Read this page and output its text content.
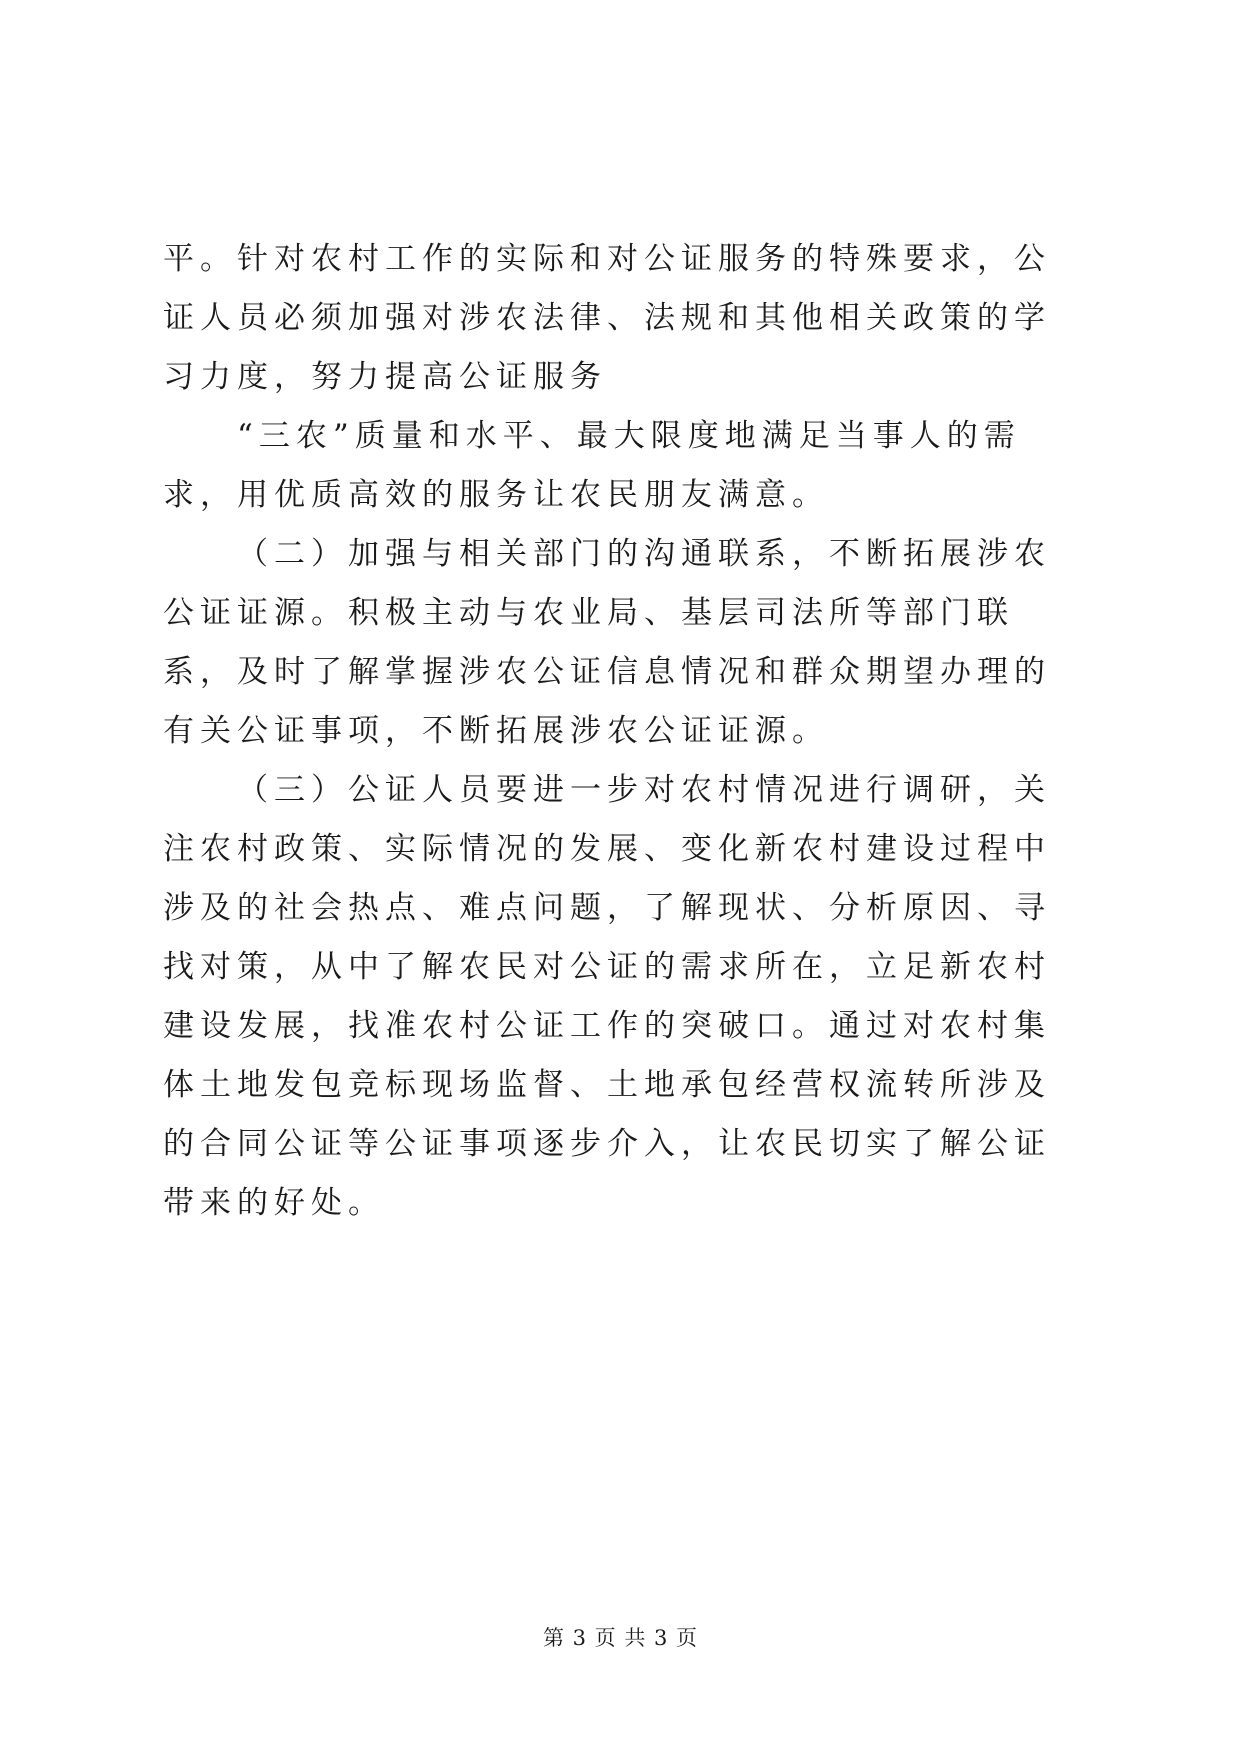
平。针对农村工作的实际和对公证服务的特殊要求，公证人员必须加强对涉农法律、法规和其他相关政策的学习力度，努力提高公证服务

“三农”质量和水平、最大限度地满足当事人的需求，用优质高效的服务让农民朋友满意。

（二）加强与相关部门的沟通联系，不断拓展涉农公证证源。积极主动与农业局、基层司法所等部门联系，及时了解掌握涉农公证信息情况和群众期望办理的有关公证事项，不断拓展涉农公证证源。

（三）公证人员要进一步对农村情况进行调研，关注农村政策、实际情况的发展、变化新农村建设过程中涉及的社会热点、难点问题，了解现状、分析原因、寻找对策，从中了解农民对公证的需求所在，立足新农村建设发展，找准农村公证工作的突破口。通过对农村集体土地发包竞标现场监督、土地承包经营权流转所涉及的合同公证等公证事项逐步介入，让农民切实了解公证带来的好处。

第 3 页 共 3 页
